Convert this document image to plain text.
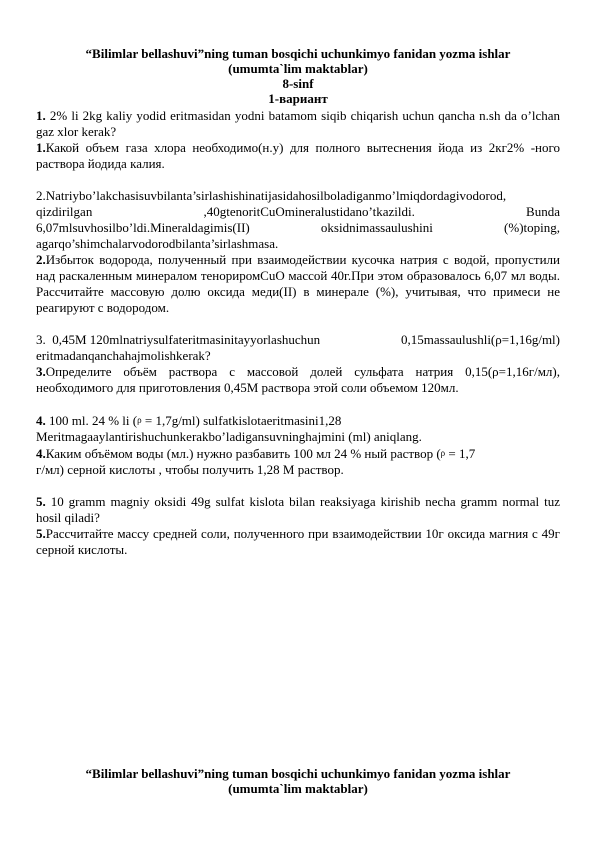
“Bilimlar bellashuvi”ning tuman bosqichi uchunkimyo fanidan yozma ishlar
(umumta`lim maktablar)
8-sinf
1-вариант

1. 2% li 2kg kaliy yodid eritmasidan yodni batamom siqib chiqarish uchun qancha n.sh da o’lchan gaz xlor kerak?

1.Какой объем газа хлора необходимо(н.у) для полного вытеснения йода из 2кг2% -ного раствора йодида калия.

2.Natriybo’lakchasisuvbilanta’sirlashishinatijasidahosilboladiganmo’lmiqdordagivodorod,

qizdirilgan	,40gtenoritCuOmineralustidano’tkazildi.	Bunda
6,07mlsuvhosilbo’ldi.Mineraldagimis(II)	oksidnimassaulushini	(%)toping,

agarqo’shimchalarvodorodbilanta’sirlashmasa.

2.Избыток водорода, полученный при взаимодействии кусочка натрия с водой, пропустили над раскаленным минералом тенориромCuO массой 40г.При этом образовалось 6,07 мл воды. Рассчитайте массовую долю оксида меди(II) в минерале (%), учитывая, что примеси не реагируют с водородом.

3. 0,45M 120mlnatriysulfateritmasinitayyorlashuchun	0,15massaulushli(ρ=1,16g/ml)

eritmadanqanchahajmolishkerak?

3.Определите объём раствора с массовой долей сульфата натрия 0,15(ρ=1,16г/мл), необходимого для приготовления 0,45M раствора этой соли объемом 120мл.

4. 100 ml. 24 % li (ρ = 1,7g/ml) sulfatkislotaeritmasini1,28

Meritmagaaylantirishuchunkerakbo’ladigansuvninghajmini (ml) aniqlang.

4.Каким объёмом воды (мл.) нужно разбавить 100 мл 24 % ный раствор (ρ = 1,7

г/мл) серной кислоты , чтобы получить 1,28 M раствор.

5. 10 gramm magniy oksidi 49g sulfat kislota bilan reaksiyaga kirishib necha gramm normal tuz hosil qiladi?

5.Рассчитайте массу средней соли, полученного при взаимодействии 10г оксида магния с 49г серной кислоты.

“Bilimlar bellashuvi”ning tuman bosqichi uchunkimyo fanidan yozma ishlar
(umumta`lim maktablar)
